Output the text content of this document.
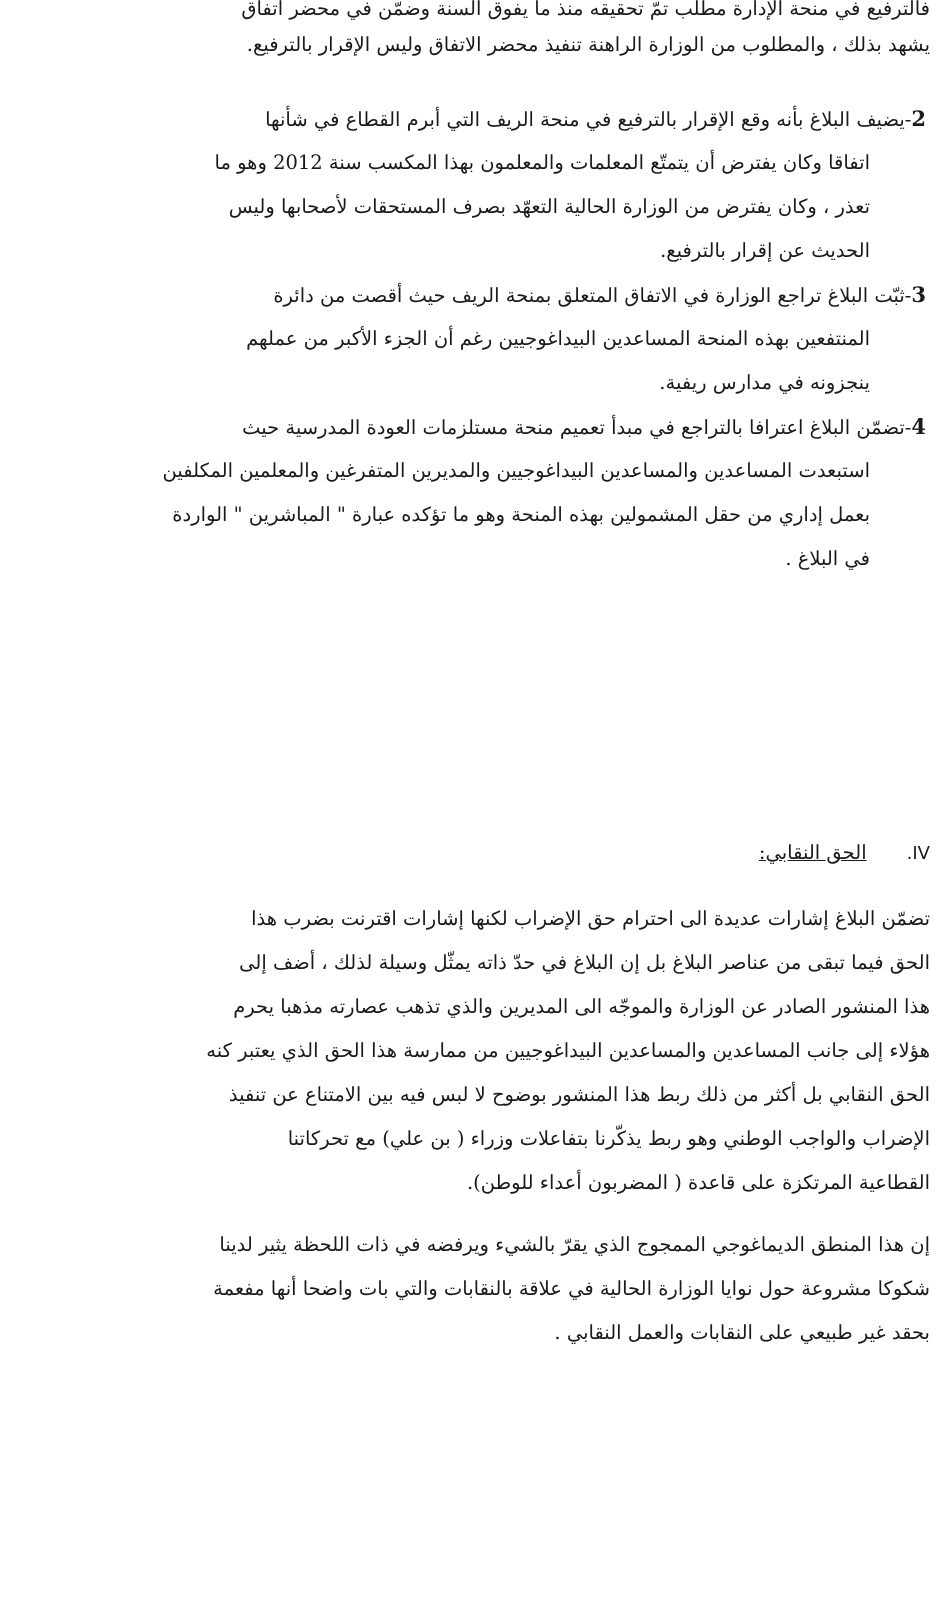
فالترفيع في منحة الإدارة مطلب تمّ تحقيقه منذ ما يفوق السنة وضمّن في محضر اتفاق
يشهد بذلك ، والمطلوب من الوزارة الراهنة تنفيذ محضر الاتفاق وليس الإقرار بالترفيع.
2-يضيف البلاغ بأنه وقع الإقرار بالترفيع في منحة الريف التي أبرم القطاع في شأنها
اتفاقا وكان يفترض أن يتمتّع المعلمات والمعلمون بهذا المكسب سنة 2012 وهو ما
تعذر ، وكان يفترض من الوزارة الحالية التعهّد بصرف المستحقات لأصحابها وليس
الحديث عن إقرار بالترفيع.
3-ثبّت البلاغ تراجع الوزارة في الاتفاق المتعلق بمنحة الريف حيث أقصت من دائرة
المنتفعين بهذه المنحة المساعدين البيداغوجيين رغم أن الجزء الأكبر من عملهم
ينجزونه في مدارس ريفية.
4-تضمّن البلاغ اعترافا بالتراجع في مبدأ تعميم منحة مستلزمات العودة المدرسية حيث
استبعدت المساعدين والمساعدين البيداغوجيين والمديرين المتفرغين والمعلمين المكلفين
بعمل إداري من حقل المشمولين بهذه المنحة وهو ما تؤكده عبارة " المباشرين " الواردة
في البلاغ .
IV.الحق النقابي:
تضمّن البلاغ إشارات عديدة الى احترام حق الإضراب لكنها إشارات اقترنت بضرب هذا
الحق فيما تبقى من عناصر البلاغ بل إن البلاغ في حدّ ذاته يمثّل وسيلة لذلك ، أضف إلى
هذا المنشور الصادر عن الوزارة والموجّه الى المديرين والذي تذهب عصارته مذهبا يحرم
هؤلاء إلى جانب المساعدين والمساعدين البيداغوجيين من ممارسة هذا الحق الذي يعتبر كنه
الحق النقابي بل أكثر من ذلك ربط هذا المنشور بوضوح لا لبس فيه بين الامتناع عن تنفيذ
الإضراب والواجب الوطني وهو ربط يذكّرنا بتفاعلات وزراء ( بن علي) مع تحركاتنا
القطاعية المرتكزة على قاعدة ( المضربون أعداء للوطن).
إن هذا المنطق الديماغوجي الممجوج الذي يقرّ بالشيء ويرفضه في ذات اللحظة يثير لدينا
شكوكا مشروعة حول نوايا الوزارة الحالية في علاقة بالنقابات والتي بات واضحا أنها مفعمة
بحقد غير طبيعي على النقابات والعمل النقابي .
